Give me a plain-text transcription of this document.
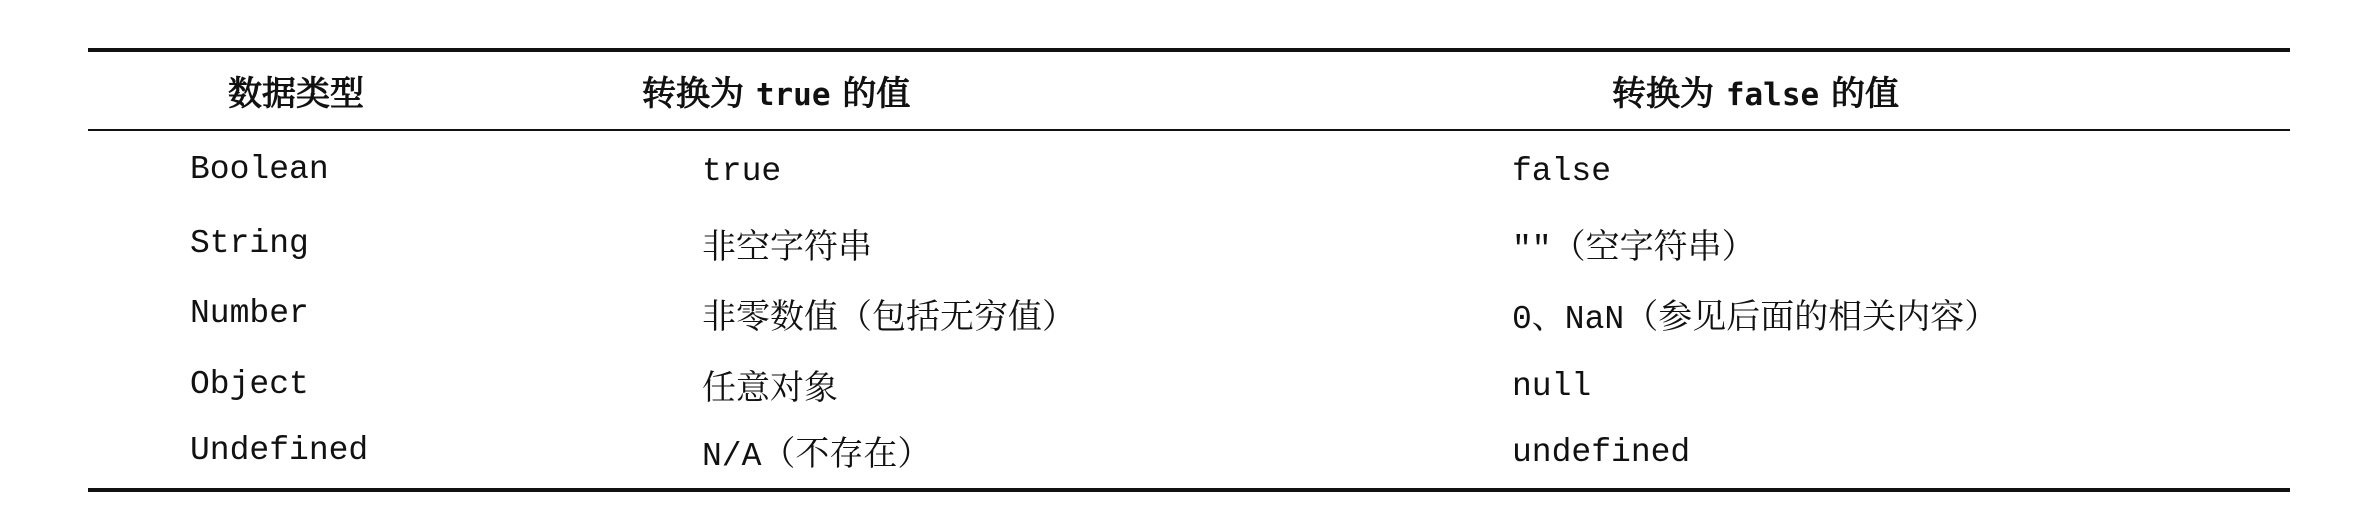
数据类型	转换为 true 的值	转换为 false 的值
Boolean	true	false
String	非空字符串	""（空字符串）
Number	非零数值（包括无穷值）	0、NaN（参见后面的相关内容）
Object	任意对象	null
Undefined	N/A（不存在）	undefined
